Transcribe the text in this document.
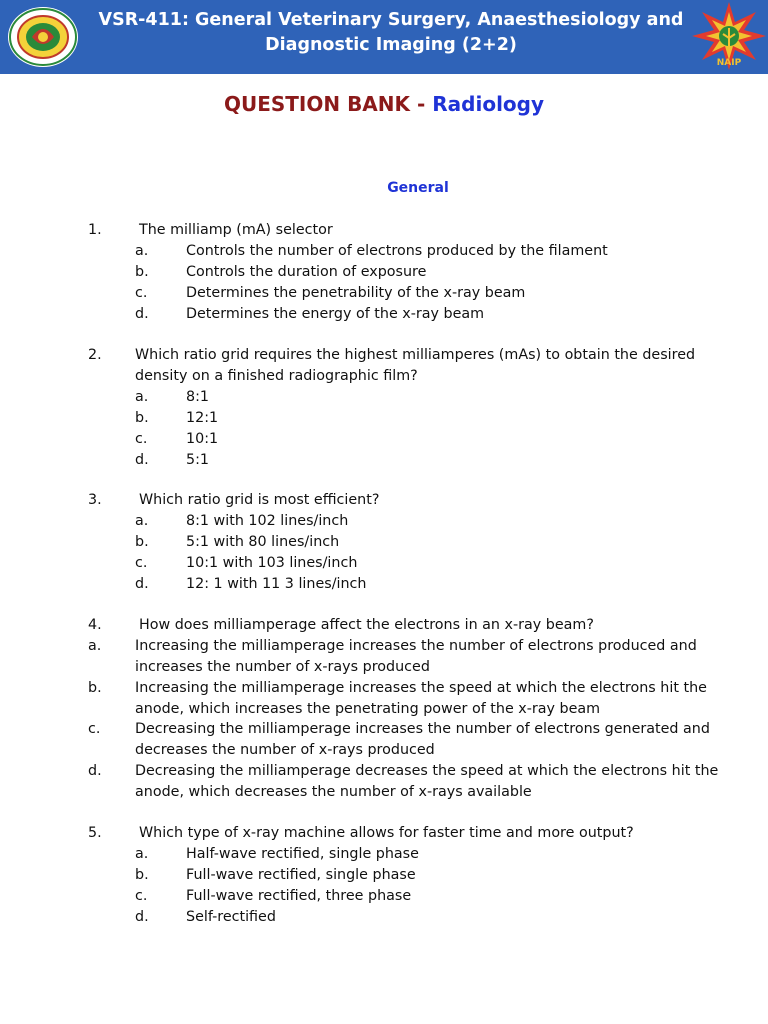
VSR-411: General Veterinary Surgery, Anaesthesiology and
Diagnostic Imaging (2+2)
NAIP
QUESTION BANK - Radiology
General
1.	The milliamp (mA) selector
a.	Controls the number of electrons produced by the filament
b.	Controls the duration of exposure
c.	Determines the penetrability of the x-ray beam
d.	Determines the energy of the x-ray beam
2. Which ratio grid requires the highest milliamperes (mAs) to obtain the desired
density on a finished radiographic film?
a.	8:1
b.	12:1
c.	10:1
d.	5:1
3.	Which ratio grid is most efficient?
a.	8:1 with 102 lines/inch
b.	5:1 with 80 lines/inch
c.	10:1 with 103 lines/inch
d.	12: 1 with 11 3 lines/inch
4.	How does milliamperage affect the electrons in an x-ray beam?
a. Increasing the milliamperage increases the number of electrons produced and
increases the number of x-rays produced
b. Increasing the milliamperage increases the speed at which the electrons hit the
anode, which increases the penetrating power of the x-ray beam
c. Decreasing the milliamperage increases the number of electrons generated and
decreases the number of x-rays produced
d. Decreasing the milliamperage decreases the speed at which the electrons hit the
anode, which decreases the number of x-rays available
5.	Which type of x-ray machine allows for faster time and more output?
a.	Half-wave rectified, single phase
b.	Full-wave rectified, single phase
c.	Full-wave rectified, three phase
d.	Self-rectified
